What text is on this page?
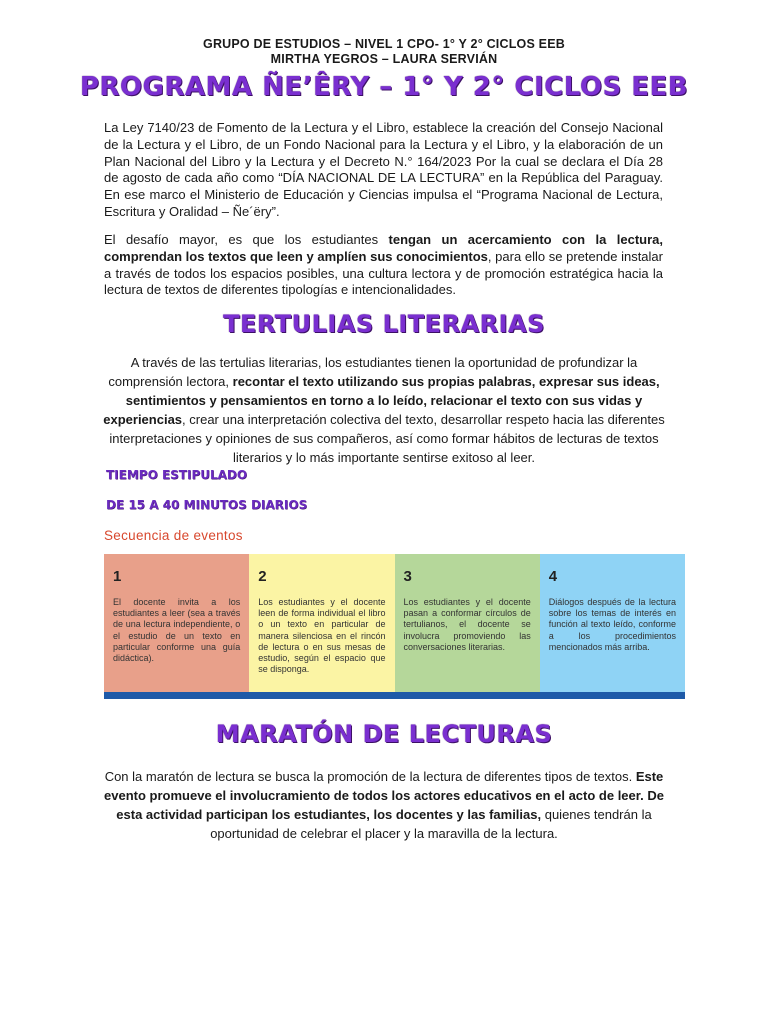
GRUPO DE ESTUDIOS – NIVEL 1 CPO- 1° Y 2° CICLOS EEB
MIRTHA YEGROS – LAURA SERVIÁN
PROGRAMA ÑE’ÊRY – 1° Y 2° CICLOS EEB
La Ley 7140/23 de Fomento de la Lectura y el Libro, establece la creación del Consejo Nacional de la Lectura y el Libro, de un Fondo Nacional para la Lectura y el Libro, y la elaboración de un Plan Nacional del Libro y la Lectura y el Decreto N.° 164/2023 Por la cual se declara el Día 28 de agosto de cada año como “DÍA NACIONAL DE LA LECTURA” en la República del Paraguay. En ese marco el Ministerio de Educación y Ciencias impulsa el “Programa Nacional de Lectura, Escritura y Oralidad – Ñe´ëry”.
El desafío mayor, es que los estudiantes tengan un acercamiento con la lectura, comprendan los textos que leen y amplíen sus conocimientos, para ello se pretende instalar a través de todos los espacios posibles, una cultura lectora y de promoción estratégica hacia la lectura de textos de diferentes tipologías e intencionalidades.
TERTULIAS LITERARIAS
A través de las tertulias literarias, los estudiantes tienen la oportunidad de profundizar la comprensión lectora, recontar el texto utilizando sus propias palabras, expresar sus ideas, sentimientos y pensamientos en torno a lo leído, relacionar el texto con sus vidas y experiencias, crear una interpretación colectiva del texto, desarrollar respeto hacia las diferentes interpretaciones y opiniones de sus compañeros, así como formar hábitos de lecturas de textos literarios y lo más importante sentirse exitoso al leer.
TIEMPO ESTIPULADO
DE 15 A 40 MINUTOS DIARIOS
Secuencia de eventos
1
El docente invita a los estudiantes a leer (sea a través de una lectura independiente, o el estudio de un texto en particular conforme una guía didáctica).
2
Los estudiantes y el docente leen de forma individual el libro o un texto en particular de manera silenciosa en el rincón de lectura o en sus mesas de estudio, según el espacio que se disponga.
3
Los estudiantes y el docente pasan a conformar círculos de tertulianos, el docente se involucra promoviendo las conversaciones literarias.
4
Diálogos después de la lectura sobre los temas de interés en función al texto leído, conforme a los procedimientos mencionados más arriba.
MARATÓN DE LECTURAS
Con la maratón de lectura se busca la promoción de la lectura de diferentes tipos de textos. Este evento promueve el involucramiento de todos los actores educativos en el acto de leer. De esta actividad participan los estudiantes, los docentes y las familias, quienes tendrán la oportunidad de celebrar el placer y la maravilla de la lectura.
